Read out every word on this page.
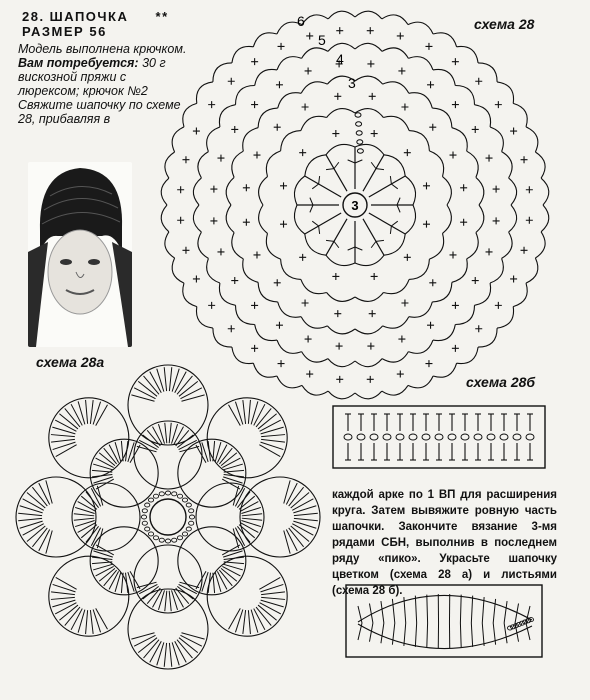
28. ШАПОЧКА **
РАЗМЕР 56
Модель выполнена крючком.
Вам потребуется: 30 г вискозной пряжи с люрексом; крючок №2
Свяжите шапочку по схеме 28, прибавляя в
схема 28
схема 28а
схема 28б
каждой арке по 1 ВП для расширения круга. Затем вывяжите ровную часть шапочки. Закончите вязание 3-мя рядами СБН, выполнив в последнем ряду «пико». Украсьте шапочку цветком (схема 28 а) и листьями (схема 28 б).
3
6
5
4
3
